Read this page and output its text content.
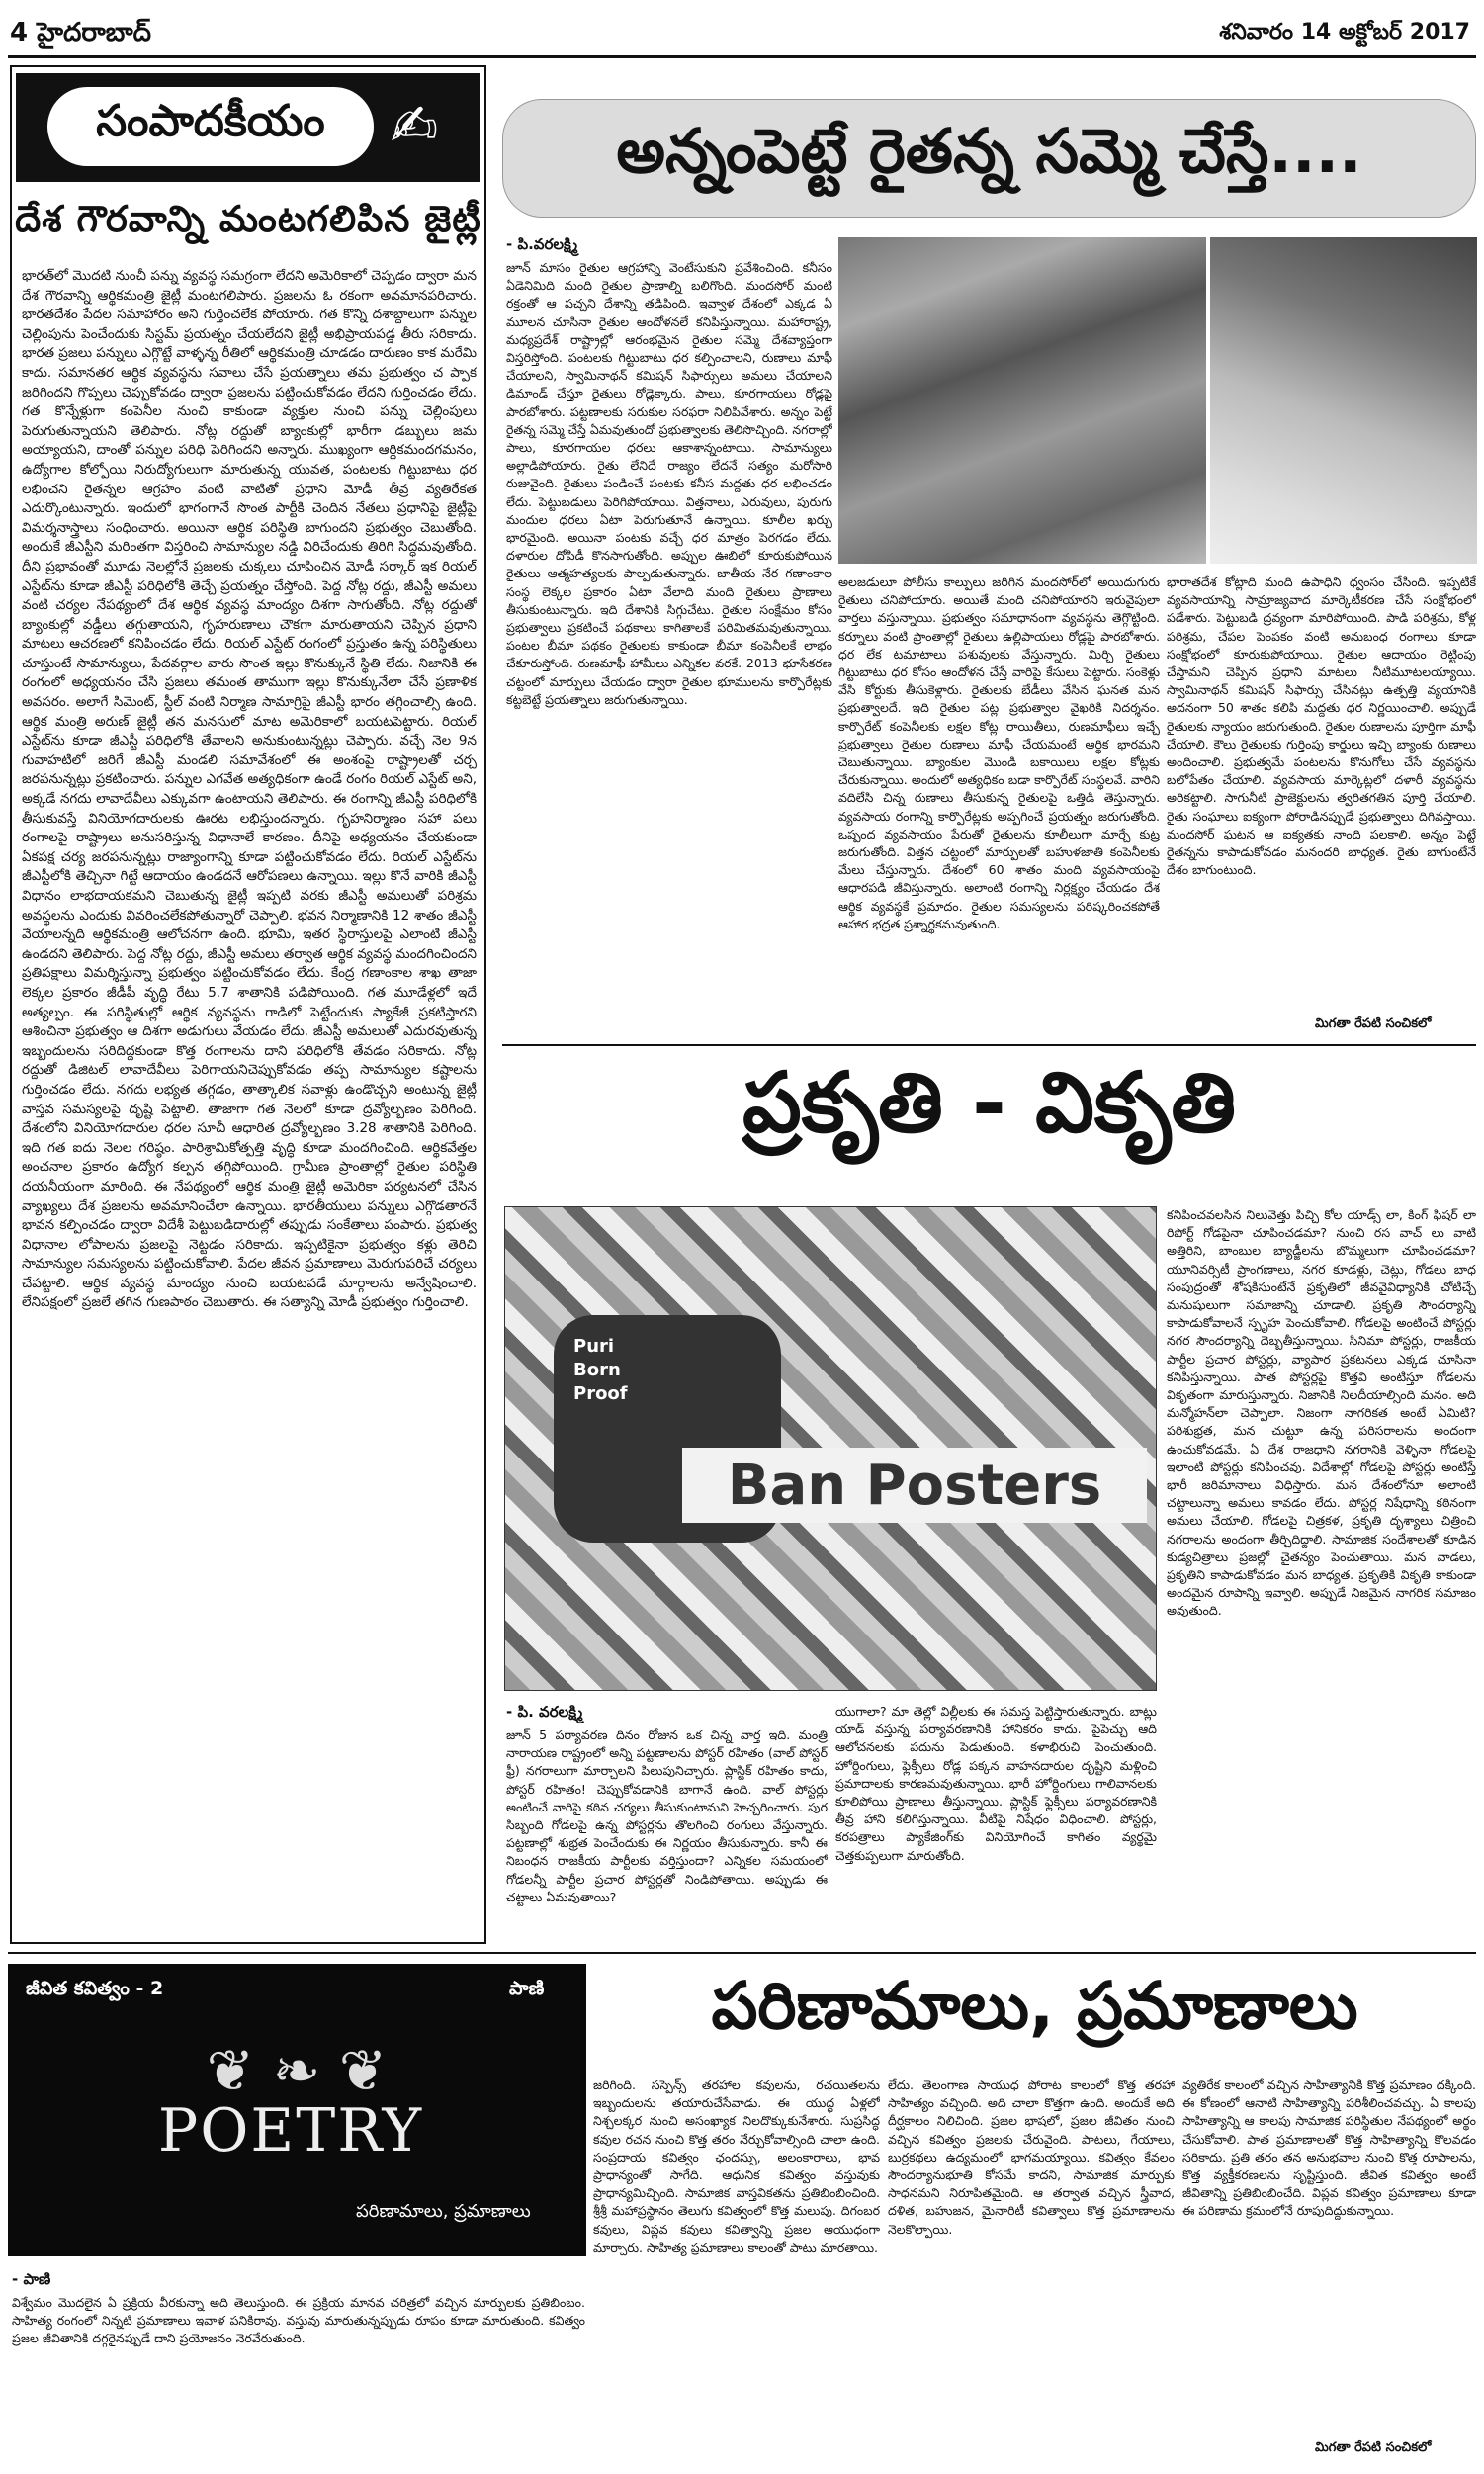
4 హైదరాబాద్	శనివారం 14 అక్టోబర్ 2017
సంపాదకీయం	✍
దేశ గౌరవాన్ని మంటగలిపిన జైట్లీ
భారత్‌లో మొదటి నుంచీ పన్ను వ్యవస్థ సమగ్రంగా లేదని అమెరికాలో చెప్పడం ద్వారా మన దేశ గౌరవాన్ని ఆర్థికమంత్రి జైట్లీ మంటగలిపారు. ప్రజలను ఓ రకంగా అవమానపరిచారు. భారతదేశం పేదల సమాహారం అని గుర్తించలేక పోయారు. గత కొన్ని దశాబ్దాలుగా పన్నుల చెల్లింపును పెంచేందుకు సిస్టమ్ ప్రయత్నం చేయలేదని జైట్లీ అభిప్రాయపడ్డ తీరు సరికాదు. భారత ప్రజలు పన్నులు ఎగ్గొట్టే వాళ్ళన్న రీతిలో ఆర్థికమంత్రి చూడడం దారుణం కాక మరేమి కాదు. సమానతర ఆర్థిక వ్యవస్థను సవాలు చేసే ప్రయత్నాలు తమ ప్రభుత్వం చ ప్పాక జరిగిందని గొప్పలు చెప్పుకోవడం ద్వారా ప్రజలను పట్టించుకోవడం లేదని గుర్తించడం లేదు. గత కొన్నేళ్లుగా కంపెనీల నుంచి కాకుండా వ్యక్తుల నుంచి పన్ను చెల్లింపులు పెరుగుతున్నాయని తెలిపారు. నోట్ల రద్దుతో బ్యాంకుల్లో భారీగా డబ్బులు జమ అయ్యాయని, దాంతో పన్నుల పరిధి పెరిగిందని అన్నారు. ముఖ్యంగా ఆర్థికమందగమనం, ఉద్యోగాల కోల్పోయి నిరుద్యోగులుగా మారుతున్న యువత, పంటలకు గిట్టుబాటు ధర లభించని రైతన్నల ఆగ్రహం వంటి వాటితో ప్రధాని మోడీ తీవ్ర వ్యతిరేకత ఎదుర్కొంటున్నారు. ఇందులో భాగంగానే సొంత పార్టీకి చెందిన నేతలు ప్రధానిపై జైట్లీపై విమర్శనాస్త్రాలు సంధించారు. అయినా ఆర్థిక పరిస్థితి బాగుందని ప్రభుత్వం చెబుతోంది. అందుకే జీఎస్టీని మరింతగా విస్తరించి సామాన్యుల నడ్డి విరిచేందుకు తిరిగి సిద్ధమవుతోంది. దీని ప్రభావంతో మూడు నెలల్లోనే ప్రజలకు చుక్కలు చూపించిన మోడీ సర్కార్ ఇక రియల్ ఎస్టేట్‌ను కూడా జీఎస్టీ పరిధిలోకి తెచ్చే ప్రయత్నం చేస్తోంది. పెద్ద నోట్ల రద్దు, జీఎస్టీ అమలు వంటి చర్యల నేపథ్యంలో దేశ ఆర్థిక వ్యవస్థ మాంద్యం దిశగా సాగుతోంది. నోట్ల రద్దుతో బ్యాంకుల్లో వడ్డీలు తగ్గుతాయని, గృహరుణాలు చౌకగా మారుతాయని చెప్పిన ప్రధాని మాటలు ఆచరణలో కనిపించడం లేదు. రియల్ ఎస్టేట్ రంగంలో ప్రస్తుతం ఉన్న పరిస్థితులు చూస్తుంటే సామాన్యులు, పేదవర్గాల వారు సొంత ఇల్లు కొనుక్కునే స్థితి లేదు. నిజానికి ఈ రంగంలో అధ్యయనం చేసి ప్రజలు తమంత తాముగా ఇల్లు కొనుక్కునేలా చేసే ప్రణాళిక అవసరం. అలాగే సిమెంట్, స్టీల్ వంటి నిర్మాణ సామాగ్రిపై జీఎస్టీ భారం తగ్గించాల్సి ఉంది. ఆర్థిక మంత్రి అరుణ్ జైట్లీ తన మనసులో మాట అమెరికాలో బయటపెట్టారు. రియల్ ఎస్టేట్‌ను కూడా జీఎస్టీ పరిధిలోకి తేవాలని అనుకుంటున్నట్లు చెప్పారు. వచ్చే నెల 9న గువాహటిలో జరిగే జీఎస్టీ మండలి సమావేశంలో ఈ అంశంపై రాష్ట్రాలతో చర్చ జరపనున్నట్లు ప్రకటించారు. పన్నుల ఎగవేత అత్యధికంగా ఉండే రంగం రియల్ ఎస్టేట్ అని, అక్కడే నగదు లావాదేవీలు ఎక్కువగా ఉంటాయని తెలిపారు. ఈ రంగాన్ని జీఎస్టీ పరిధిలోకి తీసుకువస్తే వినియోగదారులకు ఊరట లభిస్తుందన్నారు. గృహనిర్మాణం సహా పలు రంగాలపై రాష్ట్రాలు అనుసరిస్తున్న విధానాలే కారణం. దీనిపై అధ్యయనం చేయకుండా ఏకపక్ష చర్య జరపనున్నట్లు రాజ్యాంగాన్ని కూడా పట్టించుకోవడం లేదు. రియల్ ఎస్టేట్‌ను జీఎస్టీలోకి తెచ్చినా గిట్టే ఆదాయం ఉండదనే ఆరోపణలు ఉన్నాయి. ఇల్లు కొనే వారికి జీఎస్టీ విధానం లాభదాయకమని చెబుతున్న జైట్లీ ఇప్పటి వరకు జీఎస్టీ అమలుతో పరిశ్రమ అవస్థలను ఎందుకు వివరించలేకపోతున్నారో చెప్పాలి. భవన నిర్మాణానికి 12 శాతం జీఎస్టీ వేయాలన్నది ఆర్థికమంత్రి ఆలోచనగా ఉంది. భూమి, ఇతర స్థిరాస్తులపై ఎలాంటి జీఎస్టీ ఉండదని తెలిపారు. పెద్ద నోట్ల రద్దు, జీఎస్టీ అమలు తర్వాత ఆర్థిక వ్యవస్థ మందగించిందని ప్రతిపక్షాలు విమర్శిస్తున్నా ప్రభుత్వం పట్టించుకోవడం లేదు. కేంద్ర గణాంకాల శాఖ తాజా లెక్కల ప్రకారం జీడీపీ వృద్ధి రేటు 5.7 శాతానికి పడిపోయింది. గత మూడేళ్లలో ఇదే అత్యల్పం. ఈ పరిస్థితుల్లో ఆర్థిక వ్యవస్థను గాడిలో పెట్టేందుకు ప్యాకేజీ ప్రకటిస్తారని ఆశించినా ప్రభుత్వం ఆ దిశగా అడుగులు వేయడం లేదు. జీఎస్టీ అమలుతో ఎదురవుతున్న ఇబ్బందులను సరిదిద్దకుండా కొత్త రంగాలను దాని పరిధిలోకి తేవడం సరికాదు. నోట్ల రద్దుతో డిజిటల్ లావాదేవీలు పెరిగాయనిచెప్పుకోవడం తప్ప సామాన్యుల కష్టాలను గుర్తించడం లేదు. నగదు లభ్యత తగ్గడం, తాత్కాలిక సవాళ్లు ఉండొచ్చని అంటున్న జైట్లీ వాస్తవ సమస్యలపై దృష్టి పెట్టాలి. తాజాగా గత నెలలో కూడా ద్రవ్యోల్బణం పెరిగింది. దేశంలోని వినియోగదారుల ధరల సూచీ ఆధారిత ద్రవ్యోల్బణం 3.28 శాతానికి పెరిగింది. ఇది గత ఐదు నెలల గరిష్ఠం. పారిశ్రామికోత్పత్తి వృద్ధి కూడా మందగించింది. ఆర్థికవేత్తల అంచనాల ప్రకారం ఉద్యోగ కల్పన తగ్గిపోయింది. గ్రామీణ ప్రాంతాల్లో రైతుల పరిస్థితి దయనీయంగా మారింది. ఈ నేపథ్యంలో ఆర్థిక మంత్రి జైట్లీ అమెరికా పర్యటనలో చేసిన వ్యాఖ్యలు దేశ ప్రజలను అవమానించేలా ఉన్నాయి. భారతీయులు పన్నులు ఎగ్గొడతారనే భావన కల్పించడం ద్వారా విదేశీ పెట్టుబడిదారుల్లో తప్పుడు సంకేతాలు పంపారు. ప్రభుత్వ విధానాల లోపాలను ప్రజలపై నెట్టడం సరికాదు. ఇప్పటికైనా ప్రభుత్వం కళ్లు తెరిచి సామాన్యుల సమస్యలను పట్టించుకోవాలి. పేదల జీవన ప్రమాణాలు మెరుగుపరిచే చర్యలు చేపట్టాలి. ఆర్థిక వ్యవస్థ మాంద్యం నుంచి బయటపడే మార్గాలను అన్వేషించాలి. లేనిపక్షంలో ప్రజలే తగిన గుణపాఠం చెబుతారు. ఈ సత్యాన్ని మోడీ ప్రభుత్వం గుర్తించాలి.
అన్నంపెట్టే రైతన్న సమ్మె చేస్తే....
- పి.వరలక్ష్మి
జూన్ మాసం రైతుల ఆగ్రహాన్ని వెంటేసుకుని ప్రవేశించింది. కనీసం ఏడెనిమిది మంది రైతుల ప్రాణాల్ని బలిగొంది. మందసోర్ మంటి రక్తంతో ఆ పచ్చని దేశాన్ని తడిపింది. ఇవ్వాళ దేశంలో ఎక్కడ ఏ మూలన చూసినా రైతుల ఆందోళనలే కనిపిస్తున్నాయి. మహారాష్ట్ర, మధ్యప్రదేశ్ రాష్ట్రాల్లో ఆరంభమైన రైతుల సమ్మె దేశవ్యాప్తంగా విస్తరిస్తోంది. పంటలకు గిట్టుబాటు ధర కల్పించాలని, రుణాలు మాఫీ చేయాలని, స్వామినాథన్ కమిషన్ సిఫార్సులు అమలు చేయాలని డిమాండ్ చేస్తూ రైతులు రోడ్లెక్కారు. పాలు, కూరగాయలు రోడ్లపై పారబోశారు. పట్టణాలకు సరుకుల సరఫరా నిలిపివేశారు. అన్నం పెట్టే రైతన్న సమ్మె చేస్తే ఏమవుతుందో ప్రభుత్వాలకు తెలిసొచ్చింది. నగరాల్లో పాలు, కూరగాయల ధరలు ఆకాశాన్నంటాయి. సామాన్యులు అల్లాడిపోయారు. రైతు లేనిదే రాజ్యం లేదనే సత్యం మరోసారి రుజువైంది. రైతులు పండించే పంటకు కనీస మద్దతు ధర లభించడం లేదు. పెట్టుబడులు పెరిగిపోయాయి. విత్తనాలు, ఎరువులు, పురుగు మందుల ధరలు ఏటా పెరుగుతూనే ఉన్నాయి. కూలీల ఖర్చు భారమైంది. అయినా పంటకు వచ్చే ధర మాత్రం పెరగడం లేదు. దళారుల దోపిడీ కొనసాగుతోంది. అప్పుల ఊబిలో కూరుకుపోయిన రైతులు ఆత్మహత్యలకు పాల్పడుతున్నారు. జాతీయ నేర గణాంకాల సంస్థ లెక్కల ప్రకారం ఏటా వేలాది మంది రైతులు ప్రాణాలు తీసుకుంటున్నారు. ఇది దేశానికి సిగ్గుచేటు. రైతుల సంక్షేమం కోసం ప్రభుత్వాలు ప్రకటించే పథకాలు కాగితాలకే పరిమితమవుతున్నాయి. పంటల బీమా పథకం రైతులకు కాకుండా బీమా కంపెనీలకే లాభం చేకూరుస్తోంది. రుణమాఫీ హామీలు ఎన్నికల వరకే. 2013 భూసేకరణ చట్టంలో మార్పులు చేయడం ద్వారా రైతుల భూములను కార్పొరేట్లకు కట్టబెట్టే ప్రయత్నాలు జరుగుతున్నాయి.
అలజడులూ పోలీసు కాల్పులు జరిగిన మందసోర్‌లో అయిదుగురు రైతులు చనిపోయారు. అయితే మంది చనిపోయారని ఇరువైపులా వార్తలు వస్తున్నాయి. ప్రభుత్వం సమాధానంగా వ్యవస్థను తెగ్గొట్టింది. కర్నూలు వంటి ప్రాంతాల్లో రైతులు ఉల్లిపాయలు రోడ్లపై పారబోశారు. ధర లేక టమాటాలు పశువులకు వేస్తున్నారు. మిర్చి రైతులు గిట్టుబాటు ధర కోసం ఆందోళన చేస్తే వారిపై కేసులు పెట్టారు. సంకెళ్లు వేసి కోర్టుకు తీసుకెళ్లారు. రైతులకు బేడీలు వేసిన ఘనత మన ప్రభుత్వాలదే. ఇది రైతుల పట్ల ప్రభుత్వాల వైఖరికి నిదర్శనం. కార్పొరేట్ కంపెనీలకు లక్షల కోట్ల రాయితీలు, రుణమాఫీలు ఇచ్చే ప్రభుత్వాలు రైతుల రుణాలు మాఫీ చేయమంటే ఆర్థిక భారమని చెబుతున్నాయి. బ్యాంకుల మొండి బకాయిలు లక్షల కోట్లకు చేరుకున్నాయి. అందులో అత్యధికం బడా కార్పొరేట్ సంస్థలవే. వారిని వదిలేసి చిన్న రుణాలు తీసుకున్న రైతులపై ఒత్తిడి తెస్తున్నారు. వ్యవసాయ రంగాన్ని కార్పొరేట్లకు అప్పగించే ప్రయత్నం జరుగుతోంది. ఒప్పంద వ్యవసాయం పేరుతో రైతులను కూలీలుగా మార్చే కుట్ర జరుగుతోంది. విత్తన చట్టంలో మార్పులతో బహుళజాతి కంపెనీలకు మేలు చేస్తున్నారు. దేశంలో 60 శాతం మంది వ్యవసాయంపై ఆధారపడి జీవిస్తున్నారు. అలాంటి రంగాన్ని నిర్లక్ష్యం చేయడం దేశ ఆర్థిక వ్యవస్థకే ప్రమాదం. రైతుల సమస్యలను పరిష్కరించకపోతే ఆహార భద్రత ప్రశ్నార్థకమవుతుంది.
భారాతదేశ కోట్లాది మంది ఉపాధిని ధ్వంసం చేసింది. ఇప్పటికే వ్యవసాయాన్ని సామ్రాజ్యవాద మార్కెటీకరణ చేసే సంక్షోభంలో పడేశారు. పెట్టుబడి ద్రవ్యంగా మారిపోయింది. పాడి పరిశ్రమ, కోళ్ల పరిశ్రమ, చేపల పెంపకం వంటి అనుబంధ రంగాలు కూడా సంక్షోభంలో కూరుకుపోయాయి. రైతుల ఆదాయం రెట్టింపు చేస్తామని చెప్పిన ప్రధాని మాటలు నీటిమూటలయ్యాయి. స్వామినాథన్ కమిషన్ సిఫార్సు చేసినట్లు ఉత్పత్తి వ్యయానికి అదనంగా 50 శాతం కలిపి మద్దతు ధర నిర్ణయించాలి. అప్పుడే రైతులకు న్యాయం జరుగుతుంది. రైతుల రుణాలను పూర్తిగా మాఫీ చేయాలి. కౌలు రైతులకు గుర్తింపు కార్డులు ఇచ్చి బ్యాంకు రుణాలు అందించాలి. ప్రభుత్వమే పంటలను కొనుగోలు చేసే వ్యవస్థను బలోపేతం చేయాలి. వ్యవసాయ మార్కెట్లలో దళారీ వ్యవస్థను అరికట్టాలి. సాగునీటి ప్రాజెక్టులను త్వరితగతిన పూర్తి చేయాలి. రైతు సంఘాలు ఐక్యంగా పోరాడినప్పుడే ప్రభుత్వాలు దిగివస్తాయి. మందసోర్ ఘటన ఆ ఐక్యతకు నాంది పలకాలి. అన్నం పెట్టే రైతన్నను కాపాడుకోవడం మనందరి బాధ్యత. రైతు బాగుంటేనే దేశం బాగుంటుంది.
మిగతా రేపటి సంచికలో
ప్రకృతి - వికృతి
Puri
Born
Proof
Ban Posters
కనిపించవలసిన నిలువెత్తు పిచ్చి కోల యాడ్స్ లా, కింగ్ ఫిషర్ లా రిపోర్ట్ గోడపైనా చూపించడమా? నుంచి రస వాచ్ లు వాటి అత్తిరిని, బాంబుల బ్యాడ్జీలను బొమ్మలుగా చూపించడమా? యూనివర్సిటీ ప్రాంగణాలు, నగర కూడళ్లు, చెట్లు, గోడలు బాధ సంపుద్రంతో శోషకిసుంటేనే ప్రకృతిలో జీవవైవిధ్యానికి చోటిచ్చే మనుషులుగా సమాజాన్ని చూడాలి. ప్రకృతి సౌందర్యాన్ని కాపాడుకోవాలనే స్పృహ పెంచుకోవాలి. గోడలపై అంటించే పోస్టర్లు నగర సౌందర్యాన్ని దెబ్బతీస్తున్నాయి. సినిమా పోస్టర్లు, రాజకీయ పార్టీల ప్రచార పోస్టర్లు, వ్యాపార ప్రకటనలు ఎక్కడ చూసినా కనిపిస్తున్నాయి. పాత పోస్టర్లపై కొత్తవి అంటిస్తూ గోడలను వికృతంగా మారుస్తున్నారు. నిజానికి నిలదీయాల్సింది మనం. అది మన్మోహన్‌లా చెప్పాలా. నిజంగా నాగరికత అంటే ఏమిటి? పరిశుభ్రత, మన చుట్టూ ఉన్న పరిసరాలను అందంగా ఉంచుకోవడమే. ఏ దేశ రాజధాని నగరానికి వెళ్ళినా గోడలపై ఇలాంటి పోస్టర్లు కనిపించవు. విదేశాల్లో గోడలపై పోస్టర్లు అంటిస్తే భారీ జరిమానాలు విధిస్తారు. మన దేశంలోనూ అలాంటి చట్టాలున్నా అమలు కావడం లేదు. పోస్టర్ల నిషేధాన్ని కఠినంగా అమలు చేయాలి. గోడలపై చిత్రకళ, ప్రకృతి దృశ్యాలు చిత్రించి నగరాలను అందంగా తీర్చిదిద్దాలి. సామాజిక సందేశాలతో కూడిన కుడ్యచిత్రాలు ప్రజల్లో చైతన్యం పెంచుతాయి. మన వాడలు, ప్రకృతిని కాపాడుకోవడం మన బాధ్యత. ప్రకృతికి వికృతి కాకుండా అందమైన రూపాన్ని ఇవ్వాలి. అప్పుడే నిజమైన నాగరిక సమాజం అవుతుంది.
- పి. వరలక్ష్మి
జూన్ 5 పర్యావరణ దినం రోజున ఒక చిన్న వార్త ఇది. మంత్రి నారాయణ రాష్ట్రంలో అన్ని పట్టణాలను పోస్టర్ రహితం (వాల్ పోస్టర్ ఫ్రీ) నగరాలుగా మార్చాలని పిలుపునిచ్చారు. ప్లాస్టిక్ రహితం కాదు, పోస్టర్ రహితం! చెప్పుకోవడానికి బాగానే ఉంది. వాల్ పోస్టర్లు అంటించే వారిపై కఠిన చర్యలు తీసుకుంటామని హెచ్చరించారు. పుర సిబ్బంది గోడలపై ఉన్న పోస్టర్లను తొలగించి రంగులు వేస్తున్నారు. పట్టణాల్లో శుభ్రత పెంచేందుకు ఈ నిర్ణయం తీసుకున్నారు. కానీ ఈ నిబంధన రాజకీయ పార్టీలకు వర్తిస్తుందా? ఎన్నికల సమయంలో గోడలన్నీ పార్టీల ప్రచార పోస్టర్లతో నిండిపోతాయి. అప్పుడు ఈ చట్టాలు ఏమవుతాయి?
యుగాలా? మా తెల్లో విల్లీలకు ఈ సమస్త పెట్టిస్తారుతున్నారు. బాట్లు యాడ్ వస్తున్న పర్యావరణానికి హానికరం కాదు. పైపెచ్చు ఆది ఆలోచనలకు పదును పెడుతుంది. కళాభిరుచి పెంచుతుంది. హోర్డింగులు, ఫ్లెక్సీలు రోడ్ల పక్కన వాహనదారుల దృష్టిని మళ్లించి ప్రమాదాలకు కారణమవుతున్నాయి. భారీ హోర్డింగులు గాలివానలకు కూలిపోయి ప్రాణాలు తీస్తున్నాయి. ప్లాస్టిక్ ఫ్లెక్సీలు పర్యావరణానికి తీవ్ర హాని కలిగిస్తున్నాయి. వీటిపై నిషేధం విధించాలి. పోస్టర్లు, కరపత్రాలు ప్యాకేజింగ్‌కు వినియోగించే కాగితం వ్యర్థమై చెత్తకుప్పలుగా మారుతోంది.
జీవిత కవిత్వం - 2	పాణి
❦ ❧ ❦
POETRY
పరిణామాలు, ప్రమాణాలు
పరిణామాలు, ప్రమాణాలు
- పాణి
విశ్వేమం మొదలైన ఏ ప్రక్రియ వీరకున్నా అది తెలుస్తుంది. ఈ ప్రక్రియ మానవ చరిత్రలో వచ్చిన మార్పులకు ప్రతిబింబం. సాహిత్య రంగంలో నిన్నటి ప్రమాణాలు ఇవాళ పనికిరావు. వస్తువు మారుతున్నప్పుడు రూపం కూడా మారుతుంది. కవిత్వం ప్రజల జీవితానికి దగ్గరైనప్పుడే దాని ప్రయోజనం నెరవేరుతుంది.
జరిగింది. సస్పెన్స్ తరహాల కవులను, రచయితలను ఇబ్బందులను తయారుచేసేవాడు. ఈ యుద్ధ ఏళ్లలో నిశ్చలక్కర నుంచి అసంఖ్యాక నిలదొక్కుకునేశారు. సుప్రసిద్ధ కవుల రచన నుంచి కొత్త తరం నేర్చుకోవాల్సింది చాలా ఉంది. సంప్రదాయ కవిత్వం ఛందస్సు, అలంకారాలు, భావ ప్రాధాన్యంతో సాగేది. ఆధునిక కవిత్వం వస్తువుకు ప్రాధాన్యమిచ్చింది. సామాజిక వాస్తవికతను ప్రతిబింబించింది. శ్రీశ్రీ మహాప్రస్థానం తెలుగు కవిత్వంలో కొత్త మలుపు. దిగంబర కవులు, విప్లవ కవులు కవిత్వాన్ని ప్రజల ఆయుధంగా మార్చారు. సాహిత్య ప్రమాణాలు కాలంతో పాటు మారతాయి.
లేదు. తెలంగాణ సాయుధ పోరాట కాలంలో కొత్త తరహా సాహిత్యం వచ్చింది. అది చాలా కొత్తగా ఉంది. అందుకే అది దీర్ఘకాలం నిలిచింది. ప్రజల భాషలో, ప్రజల జీవితం నుంచి వచ్చిన కవిత్వం ప్రజలకు చేరువైంది. పాటలు, గేయాలు, బుర్రకథలు ఉద్యమంలో భాగమయ్యాయి. కవిత్వం కేవలం సౌందర్యానుభూతి కోసమే కాదని, సామాజిక మార్పుకు సాధనమని నిరూపితమైంది. ఆ తర్వాత వచ్చిన స్త్రీవాద, దళిత, బహుజన, మైనారిటీ కవిత్వాలు కొత్త ప్రమాణాలను నెలకొల్పాయి.
వ్యతిరేక కాలంలో వచ్చిన సాహిత్యానికి కొత్త ప్రమాణం దక్కింది. ఈ కోణంలో ఆనాటి సాహిత్యాన్ని పరిశీలించవచ్చు. ఏ కాలపు సాహిత్యాన్ని ఆ కాలపు సామాజిక పరిస్థితుల నేపథ్యంలో అర్థం చేసుకోవాలి. పాత ప్రమాణాలతో కొత్త సాహిత్యాన్ని కొలవడం సరికాదు. ప్రతి తరం తన అనుభవాల నుంచి కొత్త రూపాలను, కొత్త వ్యక్తీకరణలను సృష్టిస్తుంది. జీవిత కవిత్వం అంటే జీవితాన్ని ప్రతిబింబించేది. విప్లవ కవిత్వం ప్రమాణాలు కూడా ఈ పరిణామ క్రమంలోనే రూపుదిద్దుకున్నాయి.
మిగతా రేపటి సంచికలో
